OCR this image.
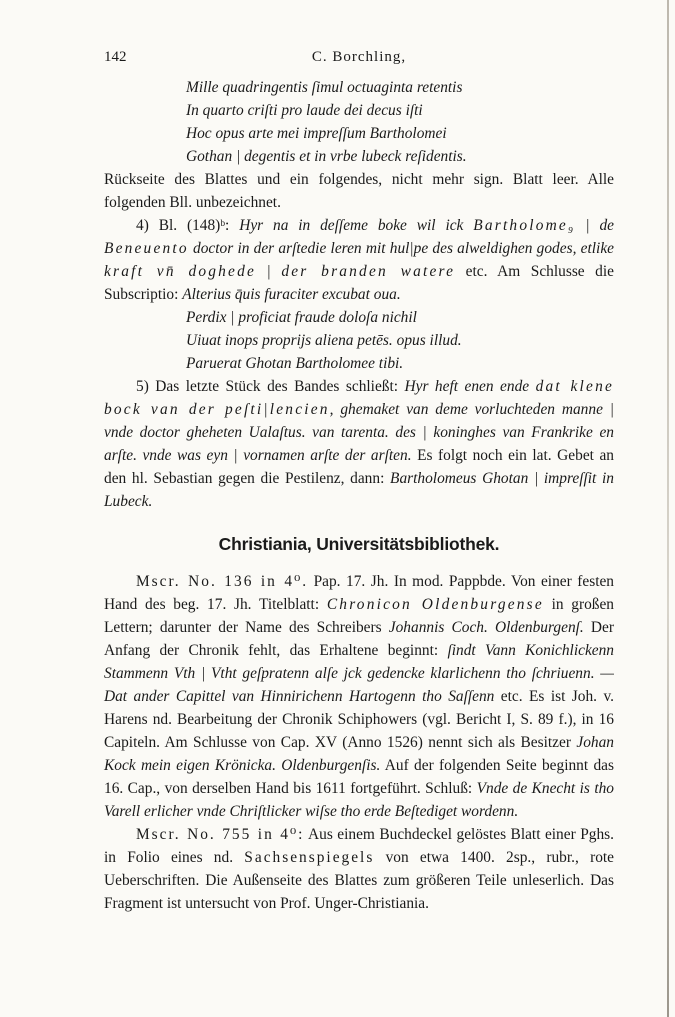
142	C. Borchling,
Mille quadringentis ſimul octuaginta retentis
In quarto criſti pro laude dei decus iſti
Hoc opus arte mei impreſſum Bartholomei
Gothan | degentis et in vrbe lubeck reſidentis.

Rückseite des Blattes und ein folgendes, nicht mehr sign. Blatt leer. Alle folgenden Bll. unbezeichnet.

4) Bl. (148)ᵇ: Hyr na in deſſeme boke wil ick Bartholome₉ | de Beneuento doctor in der arſtedie leren mit hul|pe des alweldighen godes, etlike kraft vn̄ doghede | der branden watere etc. Am Schlusse die Subscriptio: Alterius q̄uis furaciter excubat oua.

Perdix | proficiat fraude doloſa nichil
Uiuat inops proprijs aliena petēs. opus illud.
Paruerat Ghotan Bartholomee tibi.

5) Das letzte Stück des Bandes schließt: Hyr heft enen ende dat klene bock van der peſti|lencien, ghemaket van deme vorluchteden manne | vnde doctor gheheten Ualaſtus. van tarenta. des | koninghes van Frankrike en arſte. vnde was eyn | vornamen arſte der arſten. Es folgt noch ein lat. Gebet an den hl. Sebastian gegen die Pestilenz, dann: Bartholomeus Ghotan | impreſſit in Lubeck.

Christiania, Universitätsbibliothek.

Mscr. No. 136 in 4⁰. Pap. 17. Jh. In mod. Pappbde. Von einer festen Hand des beg. 17. Jh. Titelblatt: Chronicon Oldenburgense in großen Lettern; darunter der Name des Schreibers Johannis Coch. Oldenburgenſ. Der Anfang der Chronik fehlt, das Erhaltene beginnt: ſindt Vann Konichlickenn Stammenn Vth | Vtht geſpratenn alſe jck gedencke klarlichenn tho ſchriuenn. — Dat ander Capittel van Hinnirichenn Hartogenn tho Saſſenn etc. Es ist Joh. v. Harens nd. Bearbeitung der Chronik Schiphowers (vgl. Bericht I, S. 89 f.), in 16 Capiteln. Am Schlusse von Cap. XV (Anno 1526) nennt sich als Besitzer Johan Kock mein eigen Krönicka. Oldenburgenſis. Auf der folgenden Seite beginnt das 16. Cap., von derselben Hand bis 1611 fortgeführt. Schluß: Vnde de Knecht is tho Varell erlicher vnde Chriſtlicker wiſse tho erde Beſtediget wordenn.

Mscr. No. 755 in 4⁰: Aus einem Buchdeckel gelöstes Blatt einer Pghs. in Folio eines nd. Sachsenspiegels von etwa 1400. 2sp., rubr., rote Ueberschriften. Die Außenseite des Blattes zum größeren Teile unleserlich. Das Fragment ist untersucht von Prof. Unger-Christiania.
